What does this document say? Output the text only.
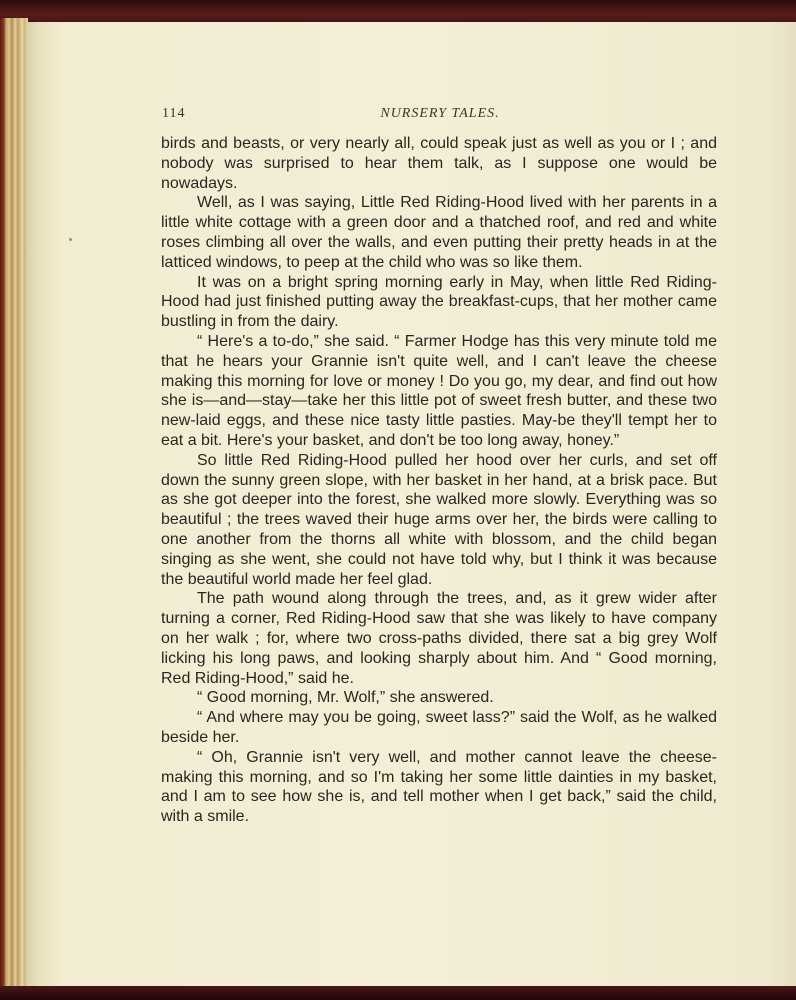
114	NURSERY TALES.

birds and beasts, or very nearly all, could speak just as well as you or I ; and nobody was surprised to hear them talk, as I suppose one would be nowadays.

Well, as I was saying, Little Red Riding-Hood lived with her parents in a little white cottage with a green door and a thatched roof, and red and white roses climbing all over the walls, and even putting their pretty heads in at the latticed windows, to peep at the child who was so like them.

It was on a bright spring morning early in May, when little Red Riding-Hood had just finished putting away the breakfast-cups, that her mother came bustling in from the dairy.

“ Here's a to-do,” she said. “ Farmer Hodge has this very minute told me that he hears your Grannie isn't quite well, and I can't leave the cheese making this morning for love or money ! Do you go, my dear, and find out how she is—and—stay—take her this little pot of sweet fresh butter, and these two new-laid eggs, and these nice tasty little pasties. May-be they'll tempt her to eat a bit. Here's your basket, and don't be too long away, honey.”

So little Red Riding-Hood pulled her hood over her curls, and set off down the sunny green slope, with her basket in her hand, at a brisk pace. But as she got deeper into the forest, she walked more slowly. Everything was so beautiful ; the trees waved their huge arms over her, the birds were calling to one another from the thorns all white with blossom, and the child began singing as she went, she could not have told why, but I think it was because the beautiful world made her feel glad.

The path wound along through the trees, and, as it grew wider after turning a corner, Red Riding-Hood saw that she was likely to have company on her walk ; for, where two cross-paths divided, there sat a big grey Wolf licking his long paws, and looking sharply about him. And “ Good morning, Red Riding-Hood,” said he.

“ Good morning, Mr. Wolf,” she answered.

“ And where may you be going, sweet lass?” said the Wolf, as he walked beside her.

“ Oh, Grannie isn't very well, and mother cannot leave the cheese-making this morning, and so I'm taking her some little dainties in my basket, and I am to see how she is, and tell mother when I get back,” said the child, with a smile.
